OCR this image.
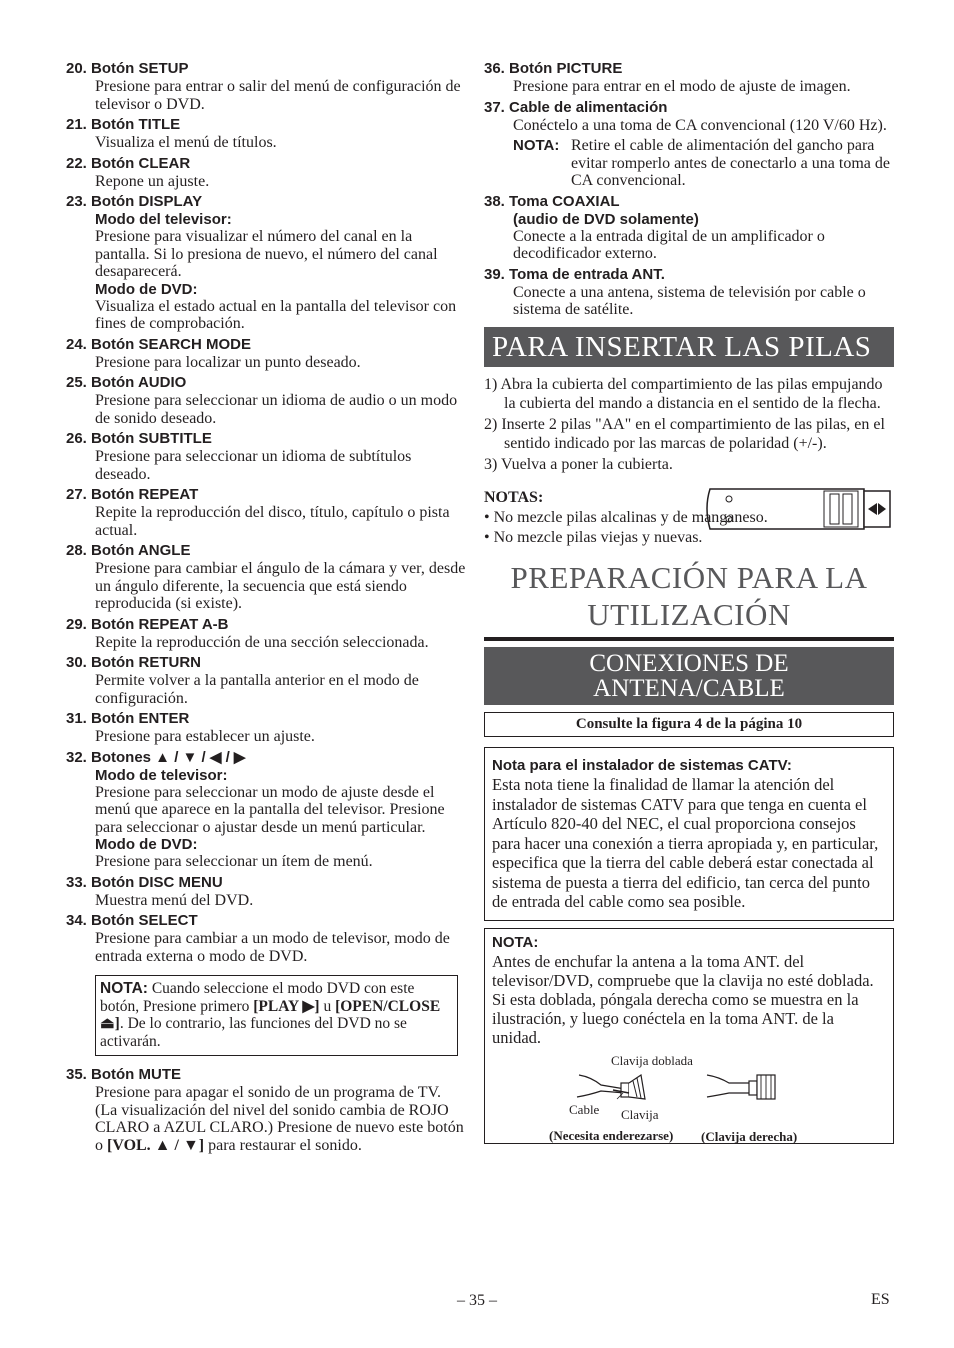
20. Botón SETUP
Presione para entrar o salir del menú de configuración de televisor o DVD.
21. Botón TITLE
Visualiza el menú de títulos.
22. Botón CLEAR
Repone un ajuste.
23. Botón DISPLAY
Modo del televisor:
Presione para visualizar el número del canal en la pantalla. Si lo presiona de nuevo, el número del canal desaparecerá.
Modo de DVD:
Visualiza el estado actual en la pantalla del televisor con fines de comprobación.
24. Botón SEARCH MODE
Presione para localizar un punto deseado.
25. Botón AUDIO
Presione para seleccionar un idioma de audio o un modo de sonido deseado.
26. Botón SUBTITLE
Presione para seleccionar un idioma de subtítulos deseado.
27. Botón REPEAT
Repite la reproducción del disco, título, capítulo o pista actual.
28. Botón ANGLE
Presione para cambiar el ángulo de la cámara y ver, desde un ángulo diferente, la secuencia que está siendo reproducida (si existe).
29. Botón REPEAT A-B
Repite la reproducción de una sección seleccionada.
30. Botón RETURN
Permite volver a la pantalla anterior en el modo de configuración.
31. Botón ENTER
Presione para establecer un ajuste.
32. Botones ▲ / ▼ / ◀ / ▶
Modo de televisor:
Presione para seleccionar un modo de ajuste desde el menú que aparece en la pantalla del televisor. Presione para seleccionar o ajustar desde un menú particular.
Modo de DVD:
Presione para seleccionar un ítem de menú.
33. Botón DISC MENU
Muestra menú del DVD.
34. Botón SELECT
Presione para cambiar a un modo de televisor, modo de entrada externa o modo de DVD.
NOTA: Cuando seleccione el modo DVD con este botón, Presione primero [PLAY ▶] u [OPEN/CLOSE ⏏]. De lo contrario, las funciones del DVD no se activarán.
35. Botón MUTE
Presione para apagar el sonido de un programa de TV. (La visualización del nivel del sonido cambia de ROJO CLARO a AZUL CLARO.) Presione de nuevo este botón o [VOL. ▲ / ▼] para restaurar el sonido.
36. Botón PICTURE
Presione para entrar en el modo de ajuste de imagen.
37. Cable de alimentación
Conéctelo a una toma de CA convencional (120 V/60 Hz).
NOTA: Retire el cable de alimentación del gancho para evitar romperlo antes de conectarlo a una toma de CA convencional.
38. Toma COAXIAL
(audio de DVD solamente)
Conecte a la entrada digital de un amplificador o decodificador externo.
39. Toma de entrada ANT.
Conecte a una antena, sistema de televisión por cable o sistema de satélite.
PARA INSERTAR LAS PILAS
1) Abra la cubierta del compartimiento de las pilas empujando la cubierta del mando a distancia en el sentido de la flecha.
2) Inserte 2 pilas "AA" en el compartimiento de las pilas, en el sentido indicado por las marcas de polaridad (+/-).
3) Vuelva a poner la cubierta.
NOTAS:
• No mezcle pilas alcalinas y de manganeso.
• No mezcle pilas viejas y nuevas.
PREPARACIÓN PARA LA
UTILIZACIÓN
CONEXIONES DE
ANTENA/CABLE
Consulte la figura 4 de la página 10
Nota para el instalador de sistemas CATV:
Esta nota tiene la finalidad de llamar la atención del instalador de sistemas CATV para que tenga en cuenta el Artículo 820-40 del NEC, el cual proporciona consejos para hacer una conexión a tierra apropiada y, en particular, especifica que la tierra del cable deberá estar conectada al sistema de puesta a tierra del edificio, tan cerca del punto de entrada del cable como sea posible.
NOTA:
Antes de enchufar la antena a la toma ANT. del televisor/DVD, compruebe que la clavija no esté doblada. Si esta doblada, póngala derecha como se muestra en la ilustración, y luego conéctela en la toma ANT. de la unidad.
Clavija doblada
Cable Clavija
(Necesita enderezarse) (Clavija derecha)
– 35 –	ES
